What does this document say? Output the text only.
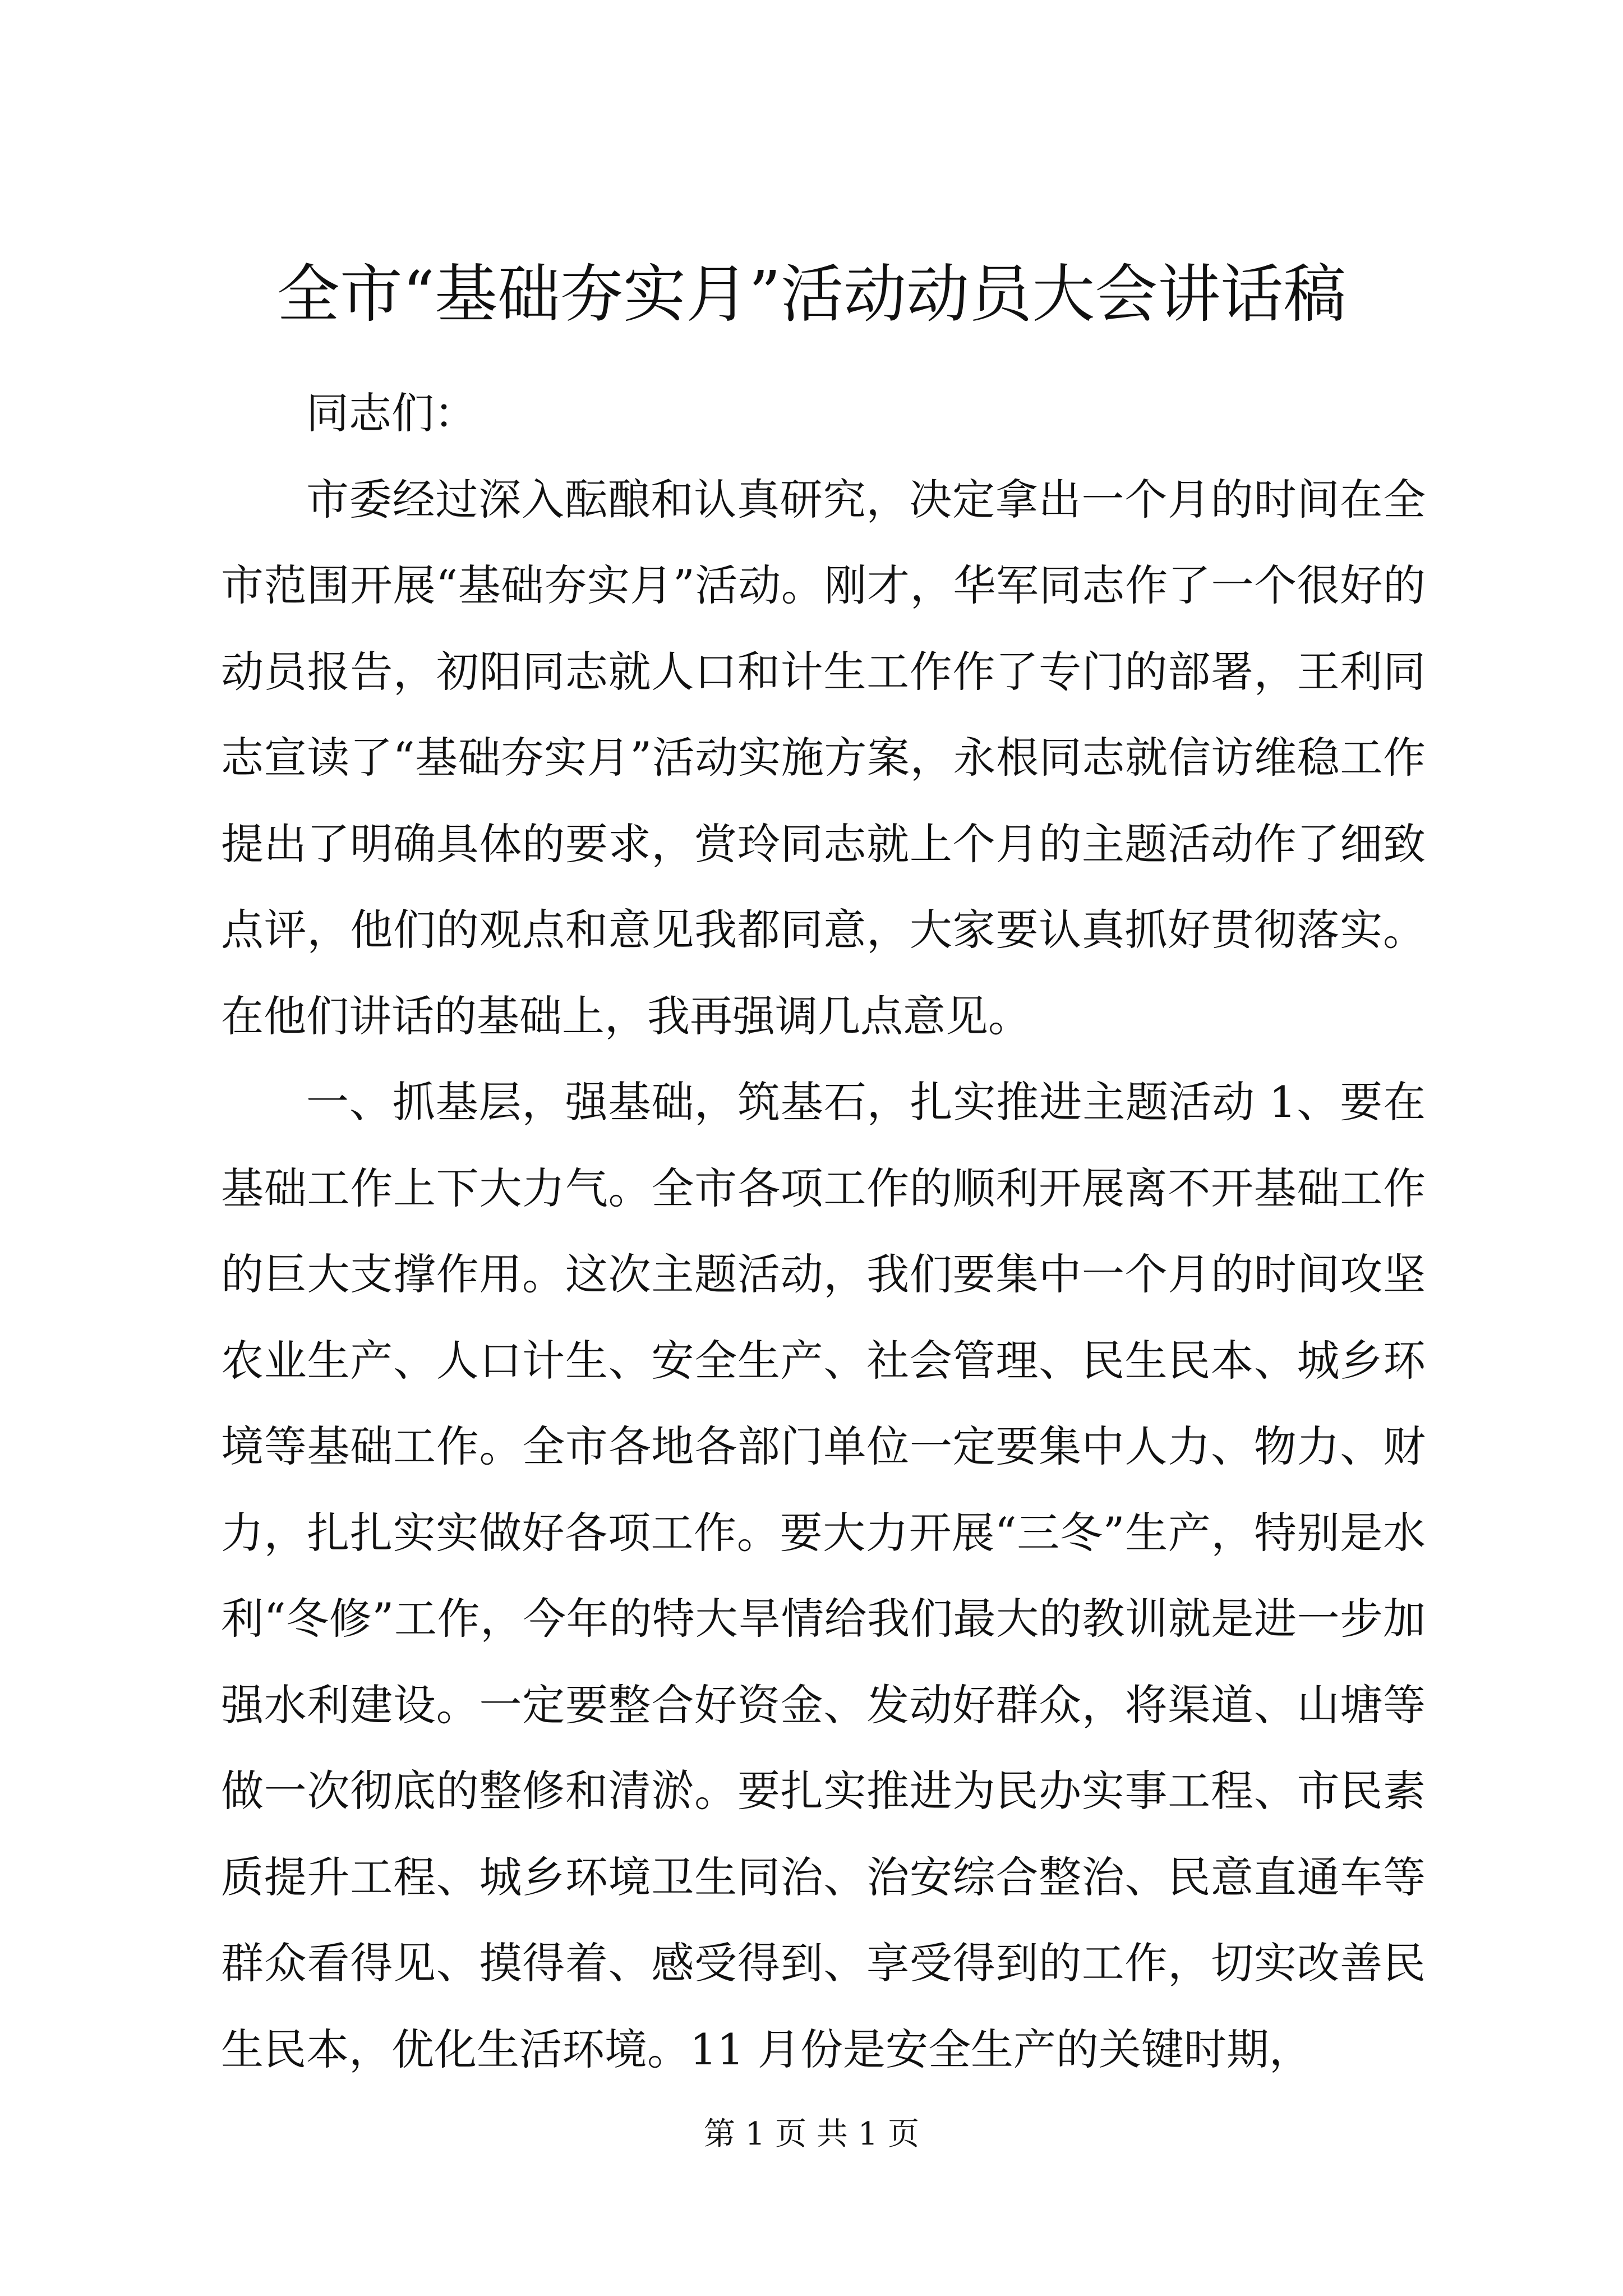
全市“基础夯实月”活动动员大会讲话稿

同志们：

市委经过深入酝酿和认真研究，决定拿出一个月的时间在全市范围开展“基础夯实月”活动。刚才，华军同志作了一个很好的动员报告，初阳同志就人口和计生工作作了专门的部署，王利同志宣读了“基础夯实月”活动实施方案，永根同志就信访维稳工作提出了明确具体的要求，赏玲同志就上个月的主题活动作了细致点评，他们的观点和意见我都同意，大家要认真抓好贯彻落实。在他们讲话的基础上，我再强调几点意见。

一、抓基层，强基础，筑基石，扎实推进主题活动 1、要在基础工作上下大力气。全市各项工作的顺利开展离不开基础工作的巨大支撑作用。这次主题活动，我们要集中一个月的时间攻坚农业生产、人口计生、安全生产、社会管理、民生民本、城乡环境等基础工作。全市各地各部门单位一定要集中人力、物力、财力，扎扎实实做好各项工作。要大力开展“三冬”生产，特别是水利“冬修”工作，今年的特大旱情给我们最大的教训就是进一步加强水利建设。一定要整合好资金、发动好群众，将渠道、山塘等做一次彻底的整修和清淤。要扎实推进为民办实事工程、市民素质提升工程、城乡环境卫生同治、治安综合整治、民意直通车等群众看得见、摸得着、感受得到、享受得到的工作，切实改善民生民本，优化生活环境。11 月份是安全生产的关键时期，

第 1 页 共 1 页
